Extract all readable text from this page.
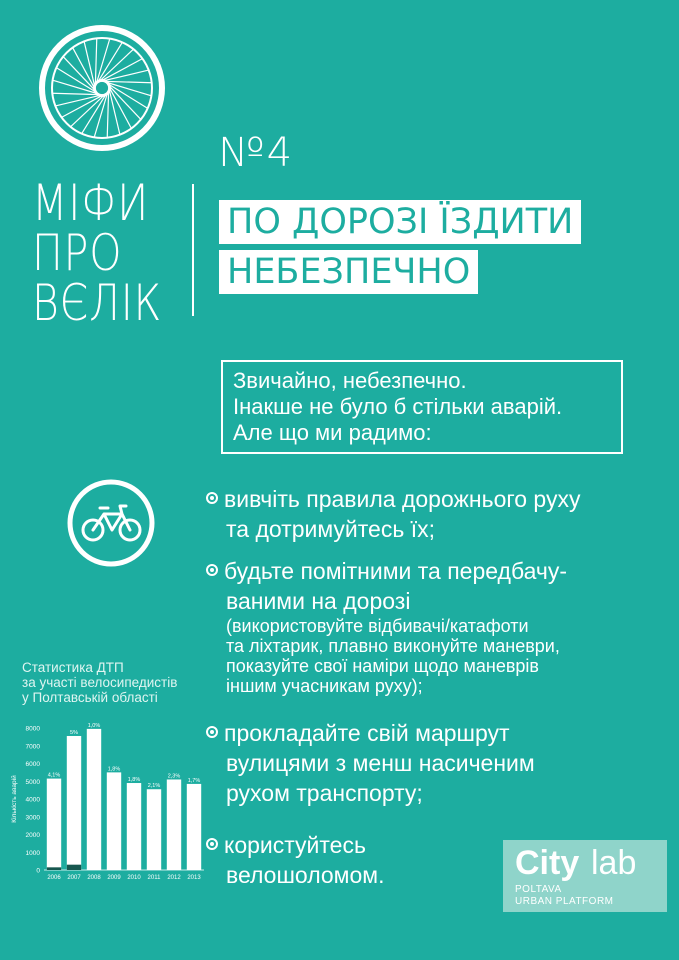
МІФИ
ПРО
ВЄЛІК
№4
ПО ДОРОЗІ ЇЗДИТИ
НЕБЕЗПЕЧНО
Звичайно, небезпечно.
Інакше не було б стільки аварій.
Але що ми радимо:
вивчіть правила дорожнього руху
та дотримуйтесь їх;
будьте помітними та передбачу-
ваними на дорозі
(використовуйте відбивачі/катафоти
та ліхтарик, плавно виконуйте маневри,
показуйте свої наміри щодо маневрів
іншим учасникам руху);
прокладайте свій маршрут
вулицями з менш насиченим
рухом транспорту;
користуйтесь
велошоломом.
Статистика ДТП
за участі велосипедистів
у Полтавській області
0
1000
2000
3000
4000
5000
6000
7000
8000
Кількість аварій	4,1%
2006
5%
2007
1,0%
2008
1,8%
2009
1,8%
2010
2,1%
2011
2,3%
2012
1,7%
2013	City lab
POLTAVA
URBAN PLATFORM
